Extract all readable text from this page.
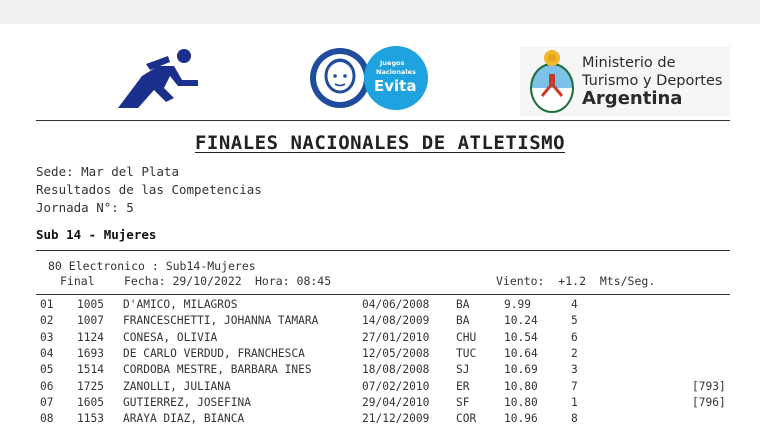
Juegos
Nacionales
Evita
Ministerio de
Turismo y Deportes
Argentina
FINALES NACIONALES DE ATLETISMO
Sede: Mar del Plata
Resultados de las Competencias
Jornada N°: 5
Sub 14 - Mujeres
80 Electronico : Sub14-Mujeres
Final	Fecha: 29/10/2022 Hora: 08:45	Viento:  +1.2  Mts/Seg.
01 1005 D'AMICO, MILAGROS	04/06/2008 BA	9.99	4
02 1007 FRANCESCHETTI, JOHANNA TAMARA	14/08/2009 BA	10.24	5
03 1124 CONESA, OLIVIA	27/01/2010 CHU 10.54	6
04 1693 DE CARLO VERDUD, FRANCHESCA	12/05/2008 TUC 10.64	2
05 1514 CORDOBA MESTRE, BARBARA INES	18/08/2008 SJ	10.69	3
06 1725 ZANOLLI, JULIANA	07/02/2010 ER	10.80	7	[793]
07 1605 GUTIERREZ, JOSEFINA	29/04/2010 SF	10.80	1	[796]
08 1153 ARAYA DIAZ, BIANCA	21/12/2009 COR 10.96	8
